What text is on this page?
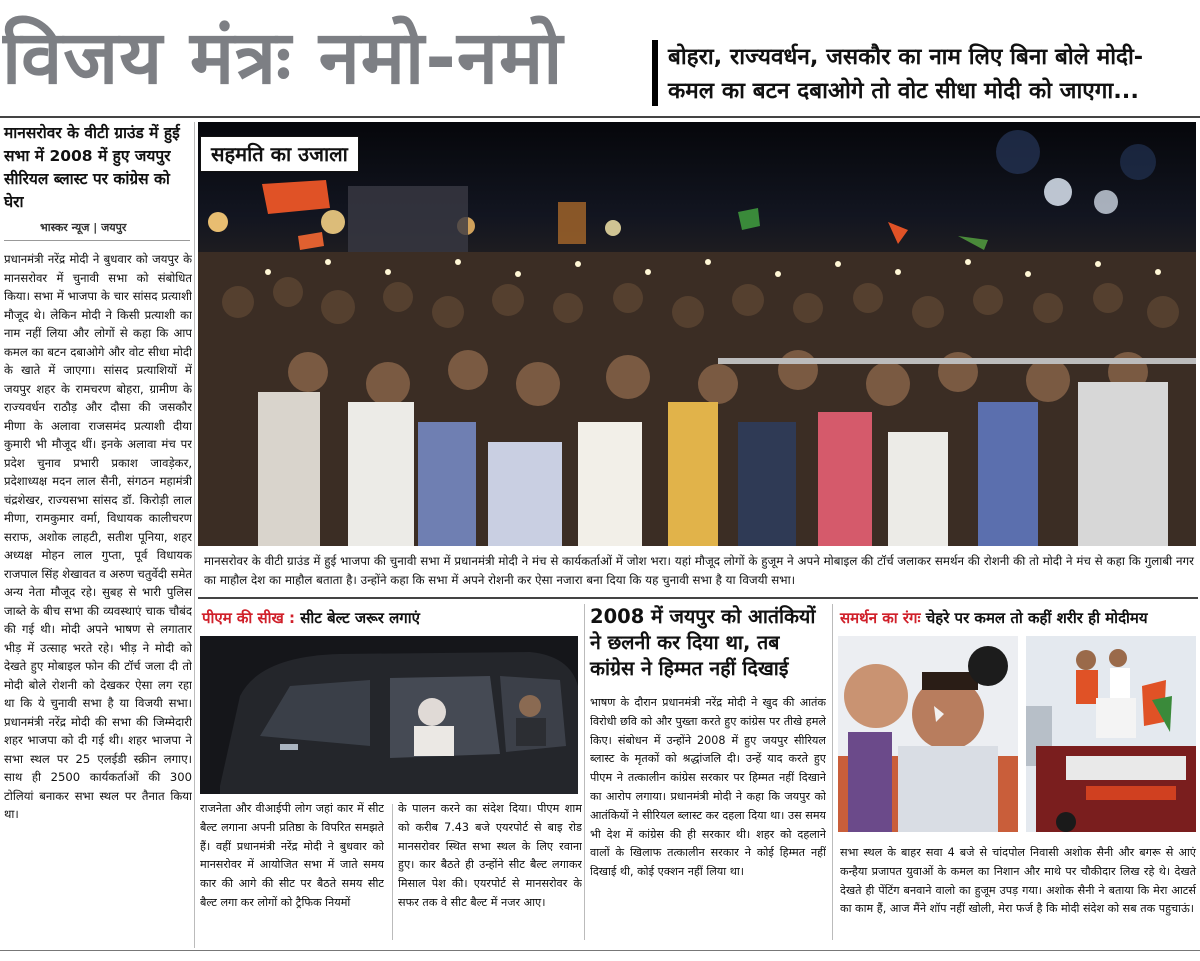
विजय मंत्रः नमो-नमो	बोहरा, राज्यवर्धन, जसकौर का नाम लिए बिना बोले मोदी- कमल का बटन दबाओगे तो वोट सीधा मोदी को जाएगा...
मानसरोवर के वीटी ग्राउंड में हुई सभा में 2008 में हुए जयपुर सीरियल ब्लास्ट पर कांग्रेस को घेरा
भास्कर न्यूज | जयपुर
प्रधानमंत्री नरेंद्र मोदी ने बुधवार को जयपुर के मानसरोवर में चुनावी सभा को संबोधित किया। सभा में भाजपा के चार सांसद प्रत्याशी मौजूद थे। लेकिन मोदी ने किसी प्रत्याशी का नाम नहीं लिया और लोगों से कहा कि आप कमल का बटन दबाओगे और वोट सीधा मोदी के खाते में जाएगा। सांसद प्रत्याशियों में जयपुर शहर के रामचरण बोहरा, ग्रामीण के राज्यवर्धन राठौड़ और दौसा की जसकौर मीणा के अलावा राजसमंद प्रत्याशी दीया कुमारी भी मौजूद थीं। इनके अलावा मंच पर प्रदेश चुनाव प्रभारी प्रकाश जावड़ेकर, प्रदेशाध्यक्ष मदन लाल सैनी, संगठन महामंत्री चंद्रशेखर, राज्यसभा सांसद डॉ. किरोड़ी लाल मीणा, रामकुमार वर्मा, विधायक कालीचरण सराफ, अशोक लाहटी, सतीश पूनिया, शहर अध्यक्ष मोहन लाल गुप्ता, पूर्व विधायक राजपाल सिंह शेखावत व अरुण चतुर्वेदी समेत अन्य नेता मौजूद रहे। सुबह से भारी पुलिस जाब्ते के बीच सभा की व्यवस्थाएं चाक चौबंद की गई थी। मोदी अपने भाषण से लगातार भीड़ में उत्साह भरते रहे। भीड़ ने मोदी को देखते हुए मोबाइल फोन की टॉर्च जला दी तो मोदी बोले रोशनी को देखकर ऐसा लग रहा था कि ये चुनावी सभा है या विजयी सभा। प्रधानमंत्री नरेंद्र मोदी की सभा की जिम्मेदारी शहर भाजपा को दी गई थी। शहर भाजपा ने सभा स्थल पर 25 एलईडी स्क्रीन लगाए। साथ ही 2500 कार्यकर्ताओं की 300 टोलियां बनाकर सभा स्थल पर तैनात किया था।
सहमति का उजाला
मानसरोवर के वीटी ग्राउंड में हुई भाजपा की चुनावी सभा में प्रधानमंत्री मोदी ने मंच से कार्यकर्ताओं में जोश भरा। यहां मौजूद लोगों के हुजूम ने अपने मोबाइल की टॉर्च जलाकर समर्थन की रोशनी की तो मोदी ने मंच से कहा कि गुलाबी नगर का माहौल देश का माहौल बताता है। उन्होंने कहा कि सभा में अपने रोशनी कर ऐसा नजारा बना दिया कि यह चुनावी सभा है या विजयी सभा।
पीएम की सीख : सीट बेल्ट जरूर लगाएं
राजनेता और वीआईपी लोग जहां कार में सीट बैल्ट लगाना अपनी प्रतिष्ठा के विपरित समझते हैं। वहीं प्रधानमंत्री नरेंद्र मोदी ने बुधवार को मानसरोवर में आयोजित सभा में जाते समय कार की आगे की सीट पर बैठते समय सीट बैल्ट लगा कर लोगों को ट्रैफिक नियमों
के पालन करने का संदेश दिया। पीएम शाम को करीब 7.43 बजे एयरपोर्ट से बाइ रोड मानसरोवर स्थित सभा स्थल के लिए रवाना हुए। कार बैठते ही उन्होंने सीट बैल्ट लगाकर मिसाल पेश की। एयरपोर्ट से मानसरोवर के सफर तक वे सीट बैल्ट में नजर आए।
2008 में जयपुर को आतंकियों ने छलनी कर दिया था, तब कांग्रेस ने हिम्मत नहीं दिखाई
भाषण के दौरान प्रधानमंत्री नरेंद्र मोदी ने खुद की आतंक विरोधी छवि को और पुख्ता करते हुए कांग्रेस पर तीखे हमले किए। संबोधन में उन्होंने 2008 में हुए जयपुर सीरियल ब्लास्ट के मृतकों को श्रद्धांजलि दी। उन्हें याद करते हुए पीएम ने तत्कालीन कांग्रेस सरकार पर हिम्मत नहीं दिखाने का आरोप लगाया। प्रधानमंत्री मोदी ने कहा कि जयपुर को आतंकियों ने सीरियल ब्लास्ट कर दहला दिया था। उस समय भी देश में कांग्रेस की ही सरकार थी। शहर को दहलाने वालों के खिलाफ तत्कालीन सरकार ने कोई हिम्मत नहीं दिखाई थी, कोई एक्शन नहीं लिया था।
समर्थन का रंगः चेहरे पर कमल तो कहीं शरीर ही मोदीमय
सभा स्थल के बाहर सवा 4 बजे से चांदपोल निवासी अशोक सैनी और बगरू से आएं कन्हैया प्रजापत युवाओं के कमल का निशान और माथे पर चौकीदार लिख रहे थे। देखते देखते ही पेंटिंग बनवाने वालो का हुजूम उपड़ गया। अशोक सैनी ने बताया कि मेरा आटर्स का काम हैं, आज मैंने शॉप नहीं खोली, मेरा फर्ज है कि मोदी संदेश को सब तक पहुचाऊं।
